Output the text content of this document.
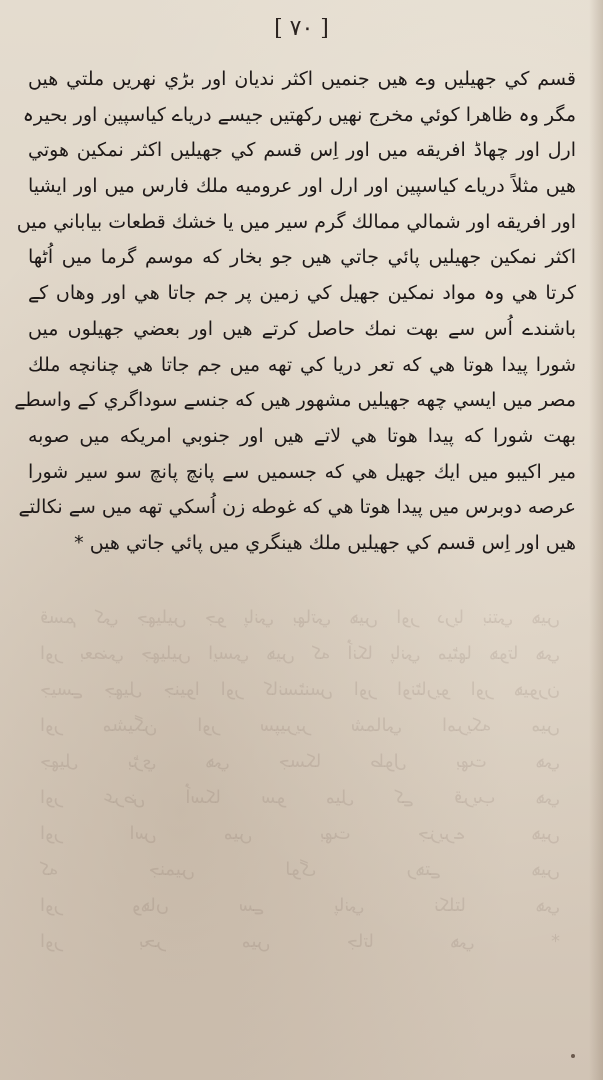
[ ۷۰ ]
قسم كي جهيليں وے هيں جنميں اكثر نديان اور بڑي نهريں ملتي هيں
مگر وہ ظاهرا كوئي مخرج نهيں ركهتيں جيسے درياے كياسپين اور بحيرہ
ارل اور چهاڈ افريقه ميں اور اِس قسم كي جهيليں اكثر نمكين هوتي
هيں مثلاً درياے كياسپين اور ارل اور عروميه ملك فارس ميں اور ايشيا
اور افريقه اور شمالي ممالك گرم سير ميں يا خشك قطعات بياباني ميں
اكثر نمكين جهيليں پائي جاتي هيں جو بخار كه موسم گرما ميں اُٹها
كرتا هي وہ مواد نمكين جهيل كي زمين پر جم جاتا هي اور وهاں كے
باشندے اُس سے بهت نمك حاصل كرتے هيں اور بعضي جهيلوں ميں
شورا پيدا هوتا هي كه تعر دريا كي تهه ميں جم جاتا هي چنانچه ملك
مصر ميں ايسي چهه جهيليں مشهور هيں كه جنسے سوداگري كے واسطے
بهت شورا كه پيدا هوتا هي لاتے هيں اور جنوبي امريكه ميں صوبه
مير اكيبو ميں ايك جهيل هي كه جسميں سے پانچ پانچ سو سير شورا
عرصه دوبرس ميں پيدا هوتا هي كه غوطه زن اُسكي تهه ميں سے نكالتے
هيں اور اِس قسم كي جهيليں ملك هينگري ميں پائي جاتي هيں *
قسم كي جهيليں جو پاني بهاتي هيں اور دريا بنتي هيں
اور بعضي جهيليں ايسي هيں كه اُنكا پاني ميٹها هوتا هي
جيسے جهيل جنيوا اور كانسٹنس اور اونٹاريو اور هيورن
اور مشيگن اور سپيرير شمالي امريكه ميں
جهيل بڑي هي جسكا طول بهت هي
اور عرض اُسكا سو ميل كے قريب هي
اور اس ميں بهت جزيرے هيں
كه جنميں لوگ رهتے هيں
اور وهاں سے پاني نكلتا هي
اور بحر ميں جاتا هي *
